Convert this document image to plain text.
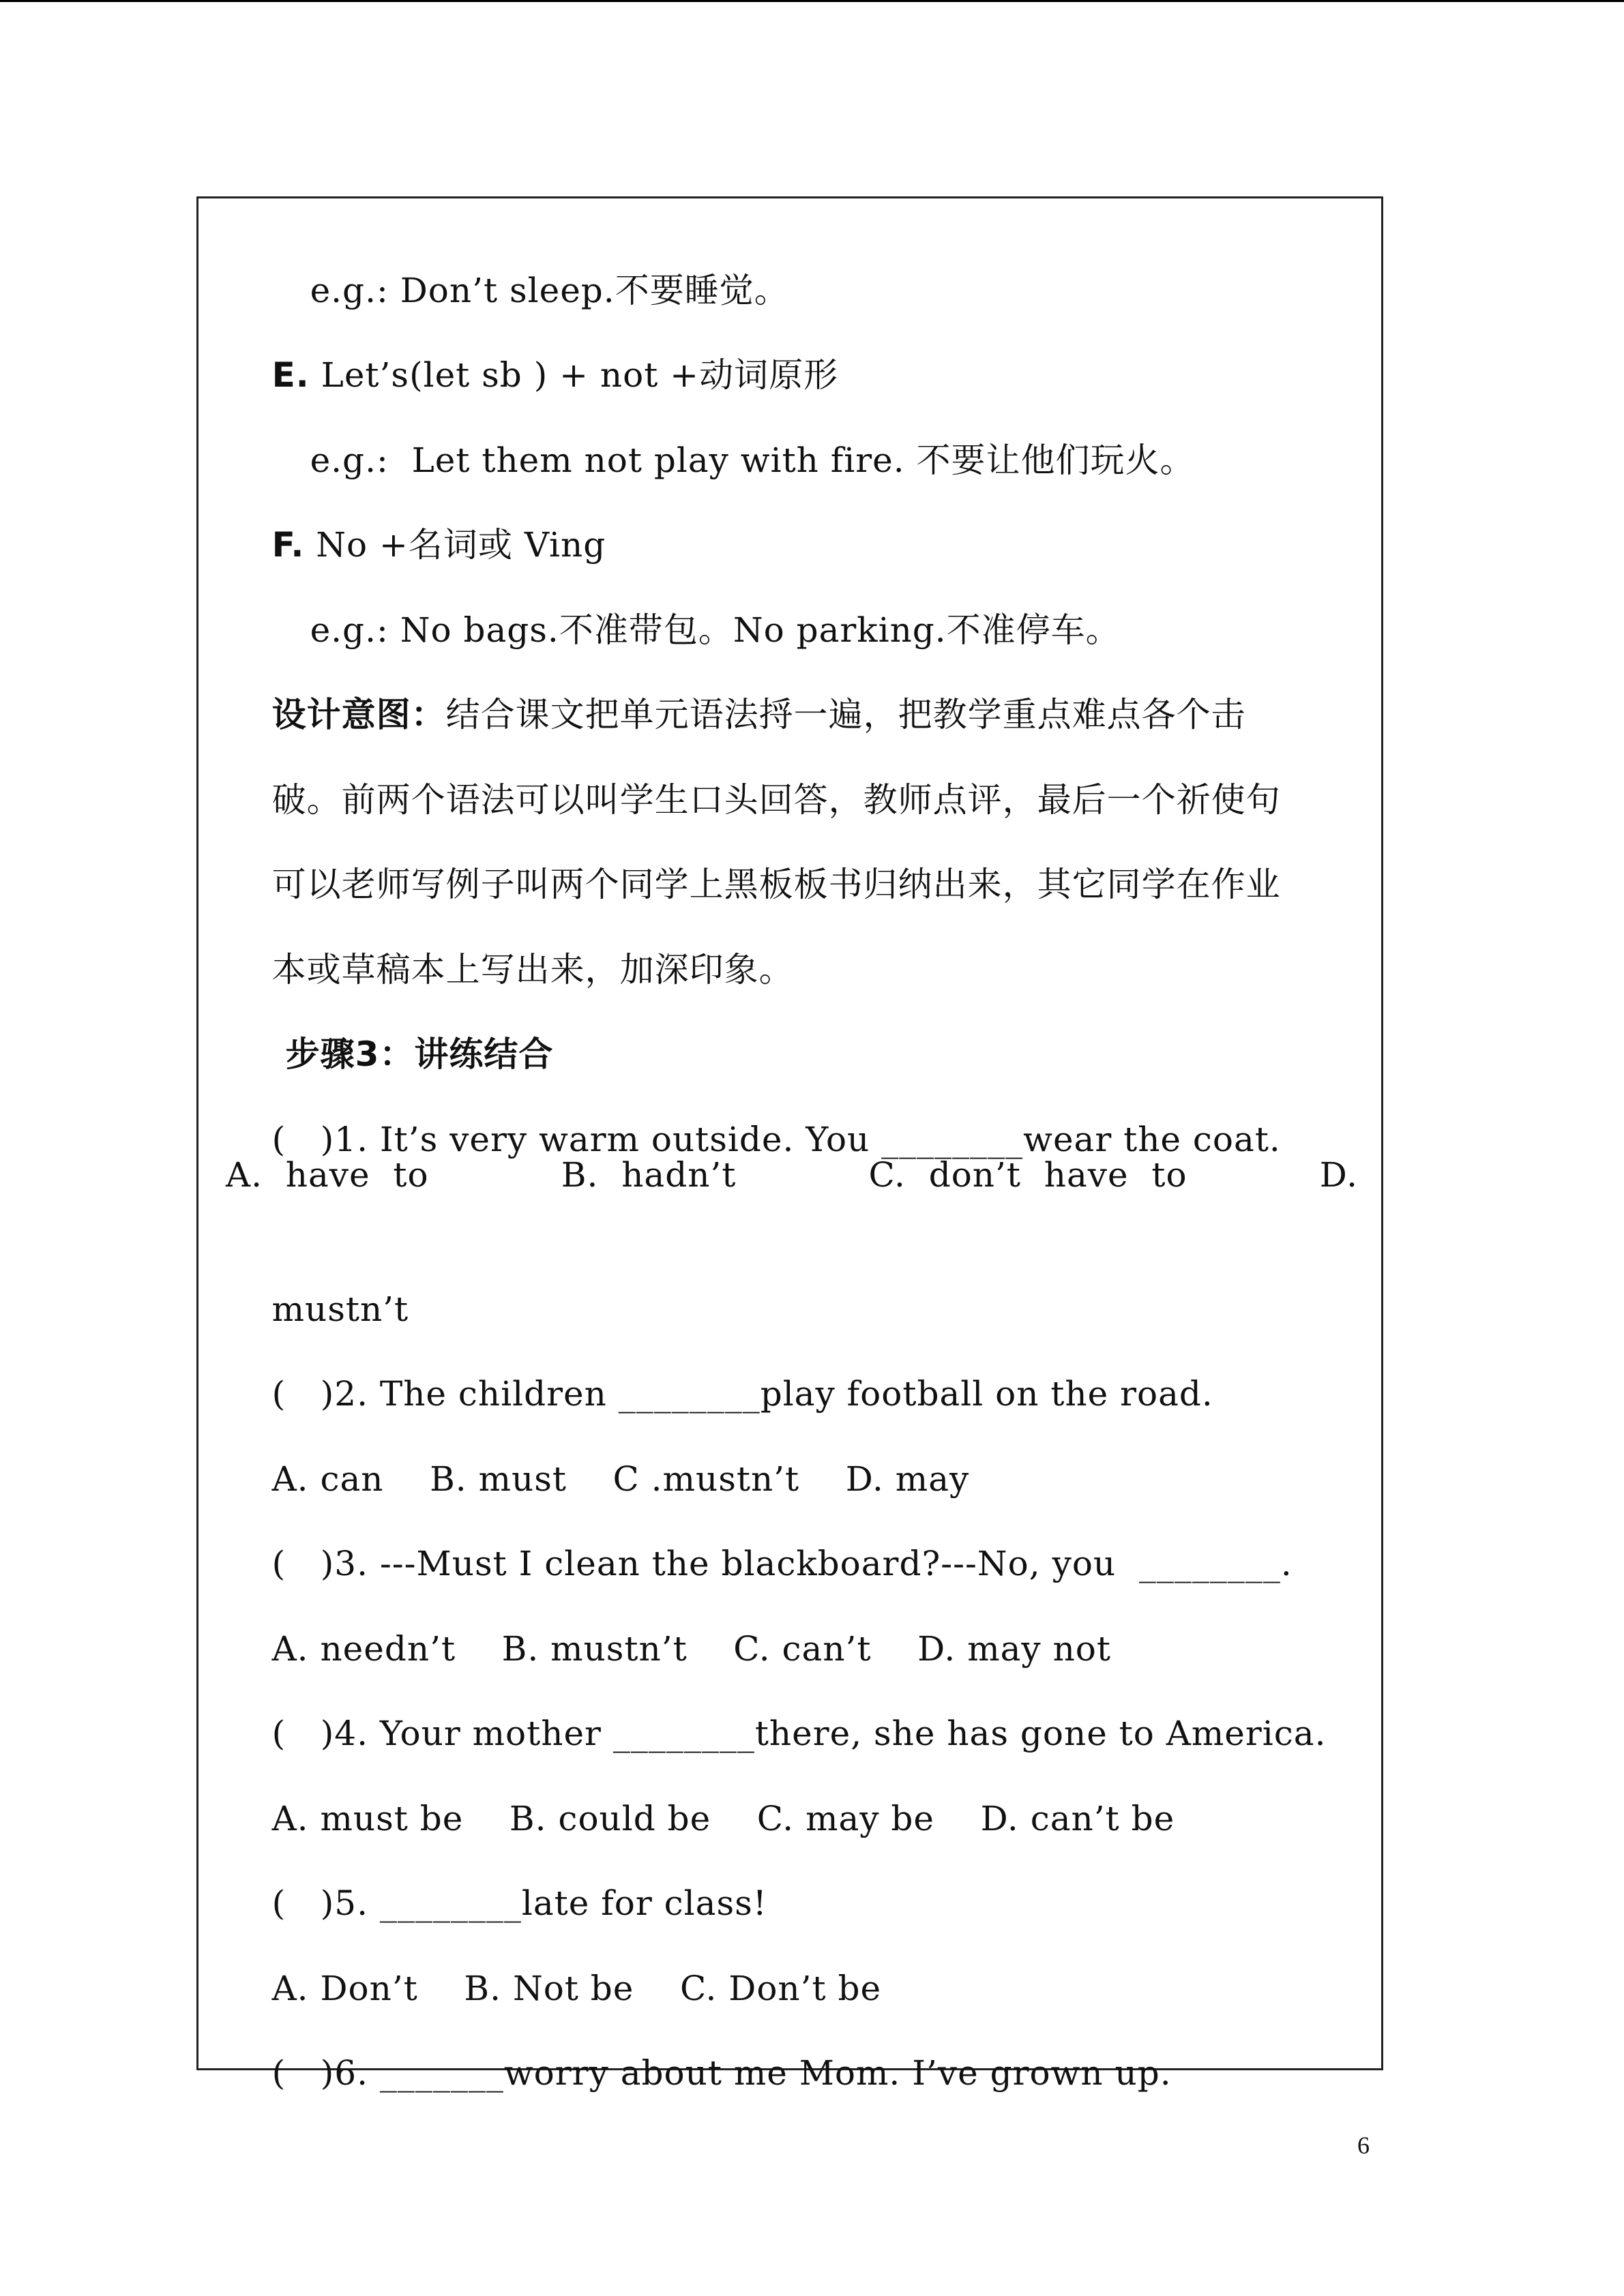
e.g.: Don’t sleep.不要睡觉。

E. Let’s(let sb ) + not +动词原形

e.g.:  Let them not play with fire. 不要让他们玩火。

F. No +名词或 Ving

e.g.: No bags.不准带包。No parking.不准停车。

设计意图：结合课文把单元语法捋一遍，把教学重点难点各个击

破。前两个语法可以叫学生口头回答，教师点评，最后一个祈使句

可以老师写例子叫两个同学上黑板板书归纳出来，其它同学在作业

本或草稿本上写出来，加深印象。

步骤3：讲练结合

(   )1. It’s very warm outside. You ________wear the coat.

A.  have  to	B.  hadn’t	C.  don’t  have  to	D.

mustn’t

(   )2. The children ________play football on the road.

A. can    B. must    C .mustn’t    D. may

(   )3. ---Must I clean the blackboard?---No, you  ________.

A. needn’t    B. mustn’t    C. can’t    D. may not

(   )4. Your mother ________there, she has gone to America.

A. must be    B. could be    C. may be    D. can’t be

(   )5. ________late for class!

A. Don’t    B. Not be    C. Don’t be

(   )6. _______worry about me Mom. I’ve grown up.

6
